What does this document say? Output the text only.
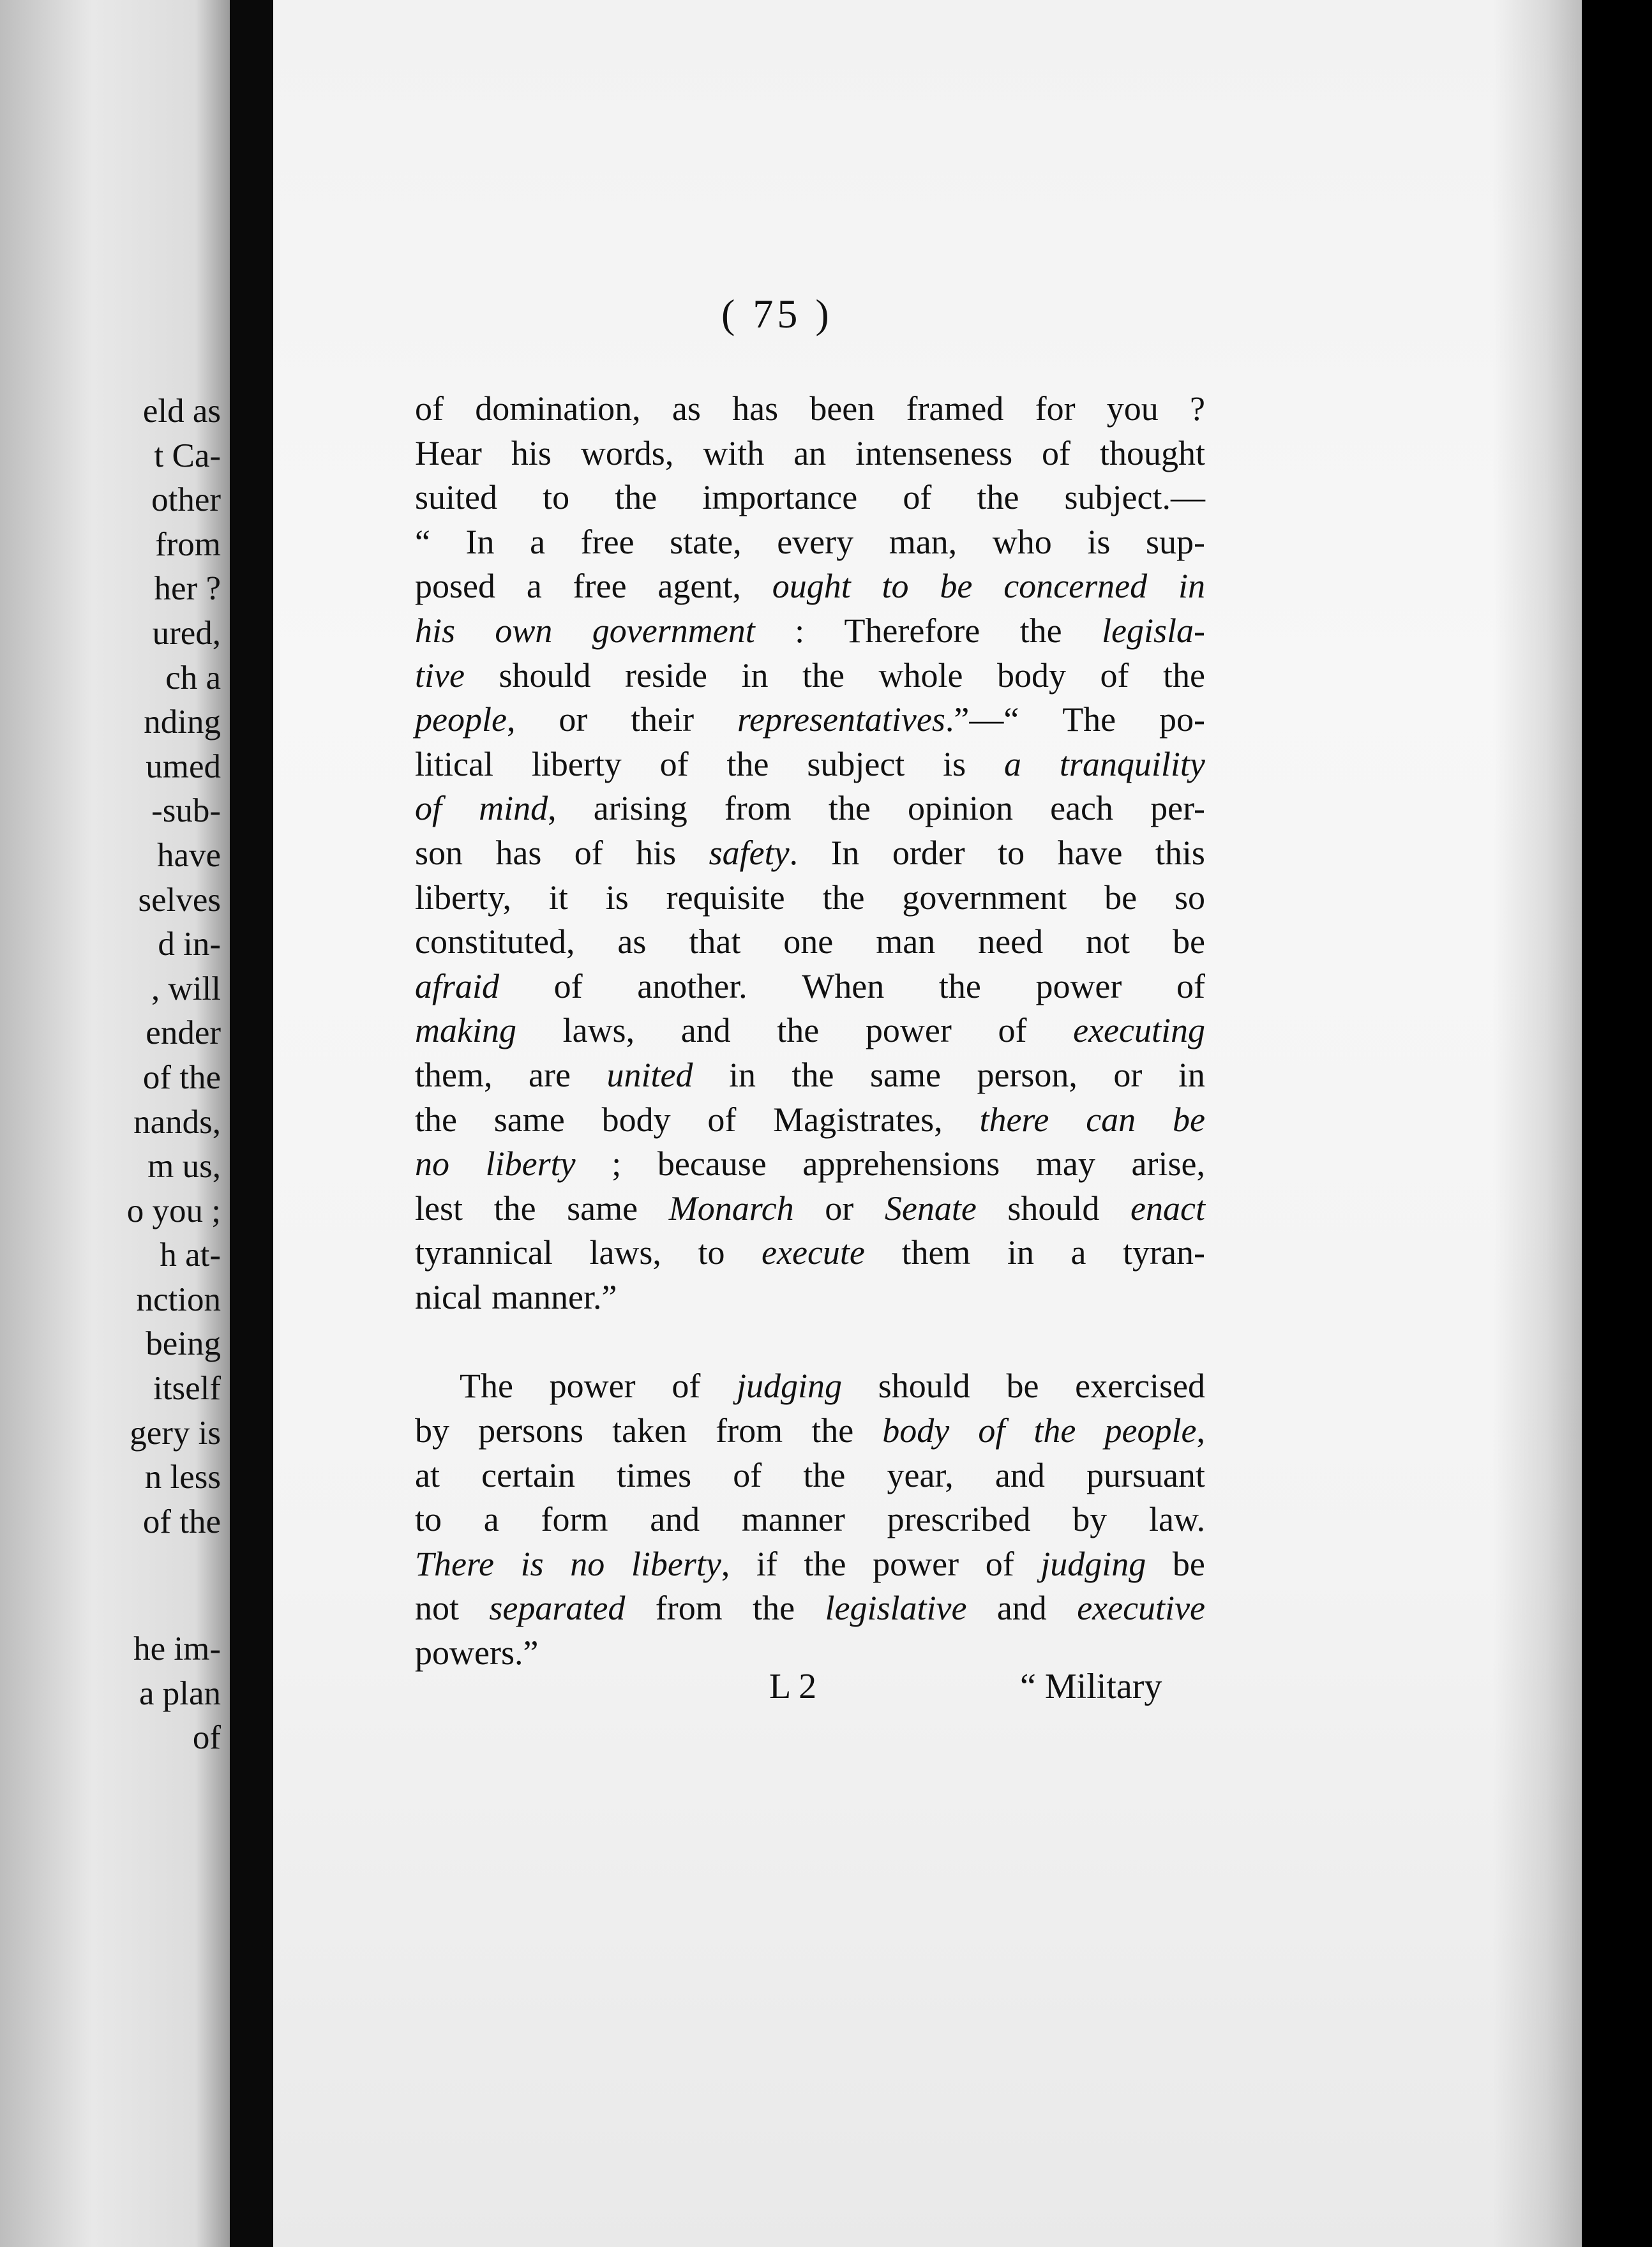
eld as
t Ca-
other
from
her ?
ured,
ch a
nding
umed
-sub-
have
selves
d in-
, will
ender
of the
nands,
m us,
o you ;
h at-
nction
being
itself
gery is
n less
of the
he im-
a plan
of
( 75 )
of domination, as has been framed for you ?
Hear his words, with an intenseness of thought
suited to the importance of the subject.—
“ In a free state, every man, who is sup-
posed a free agent, ought to be concerned in
his own government : Therefore the legisla-
tive should reside in the whole body of the
people, or their representatives.”—“ The po-
litical liberty of the subject is a tranquility
of mind, arising from the opinion each per-
son has of his safety. In order to have this
liberty, it is requisite the government be so
constituted, as that one man need not be
afraid of another. When the power of
making laws, and the power of executing
them, are united in the same person, or in
the same body of Magistrates, there can be
no liberty ; because apprehensions may arise,
lest the same Monarch or Senate should enact
tyrannical laws, to execute them in a tyran-
nical manner.”
The power of judging should be exercised
by persons taken from the body of the people,
at certain times of the year, and pursuant
to a form and manner prescribed by law.
There is no liberty, if the power of judging be
not separated from the legislative and executive
powers.”
L 2	“ Military
